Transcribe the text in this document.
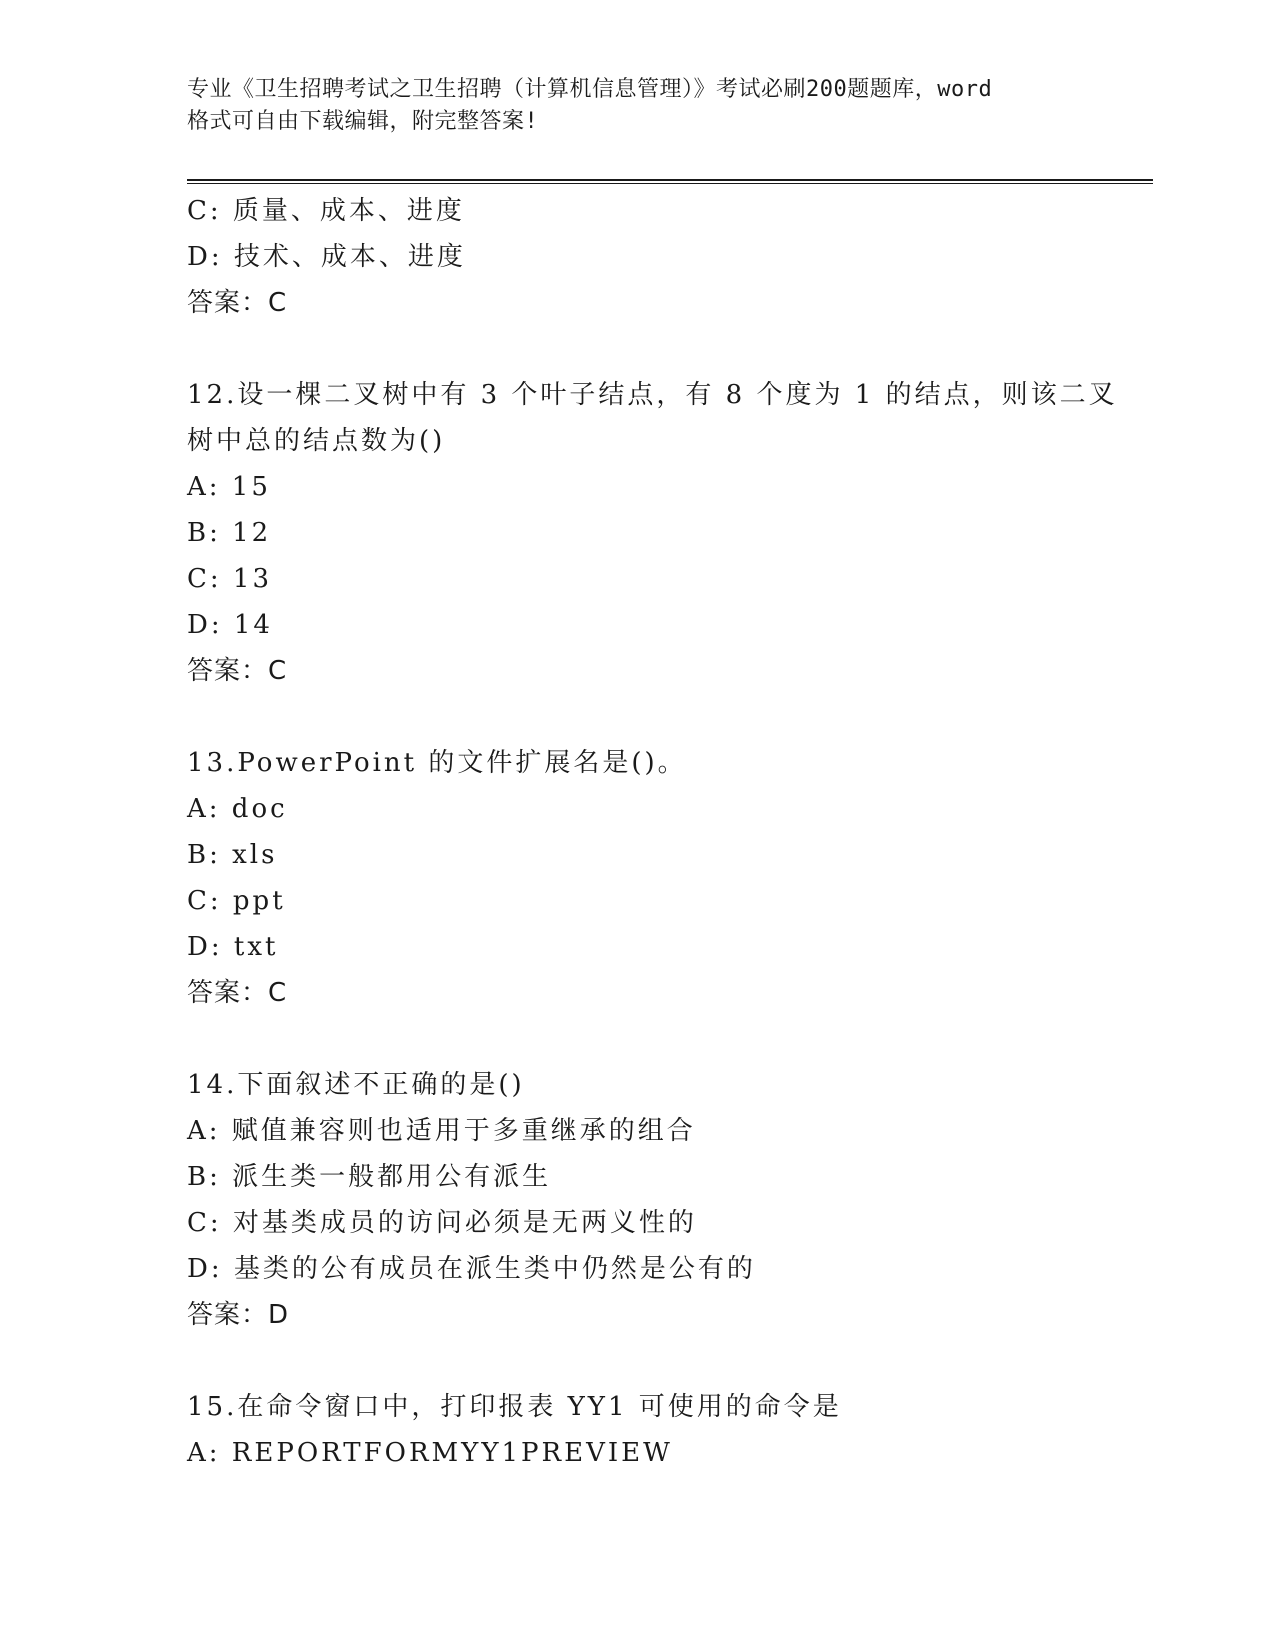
专业《卫生招聘考试之卫生招聘（计算机信息管理）》考试必刷200题题库，word
格式可自由下载编辑，附完整答案!
C: 质量、成本、进度
D: 技术、成本、进度
答案：C
12.设一棵二叉树中有 3 个叶子结点，有 8 个度为 1 的结点，则该二叉
树中总的结点数为()
A: 15
B: 12
C: 13
D: 14
答案：C
13.PowerPoint 的文件扩展名是()。
A: doc
B: xls
C: ppt
D: txt
答案：C
14.下面叙述不正确的是()
A: 赋值兼容则也适用于多重继承的组合
B: 派生类一般都用公有派生
C: 对基类成员的访问必须是无两义性的
D: 基类的公有成员在派生类中仍然是公有的
答案：D
15.在命令窗口中，打印报表 YY1 可使用的命令是
A: REPORTFORMYY1PREVIEW
